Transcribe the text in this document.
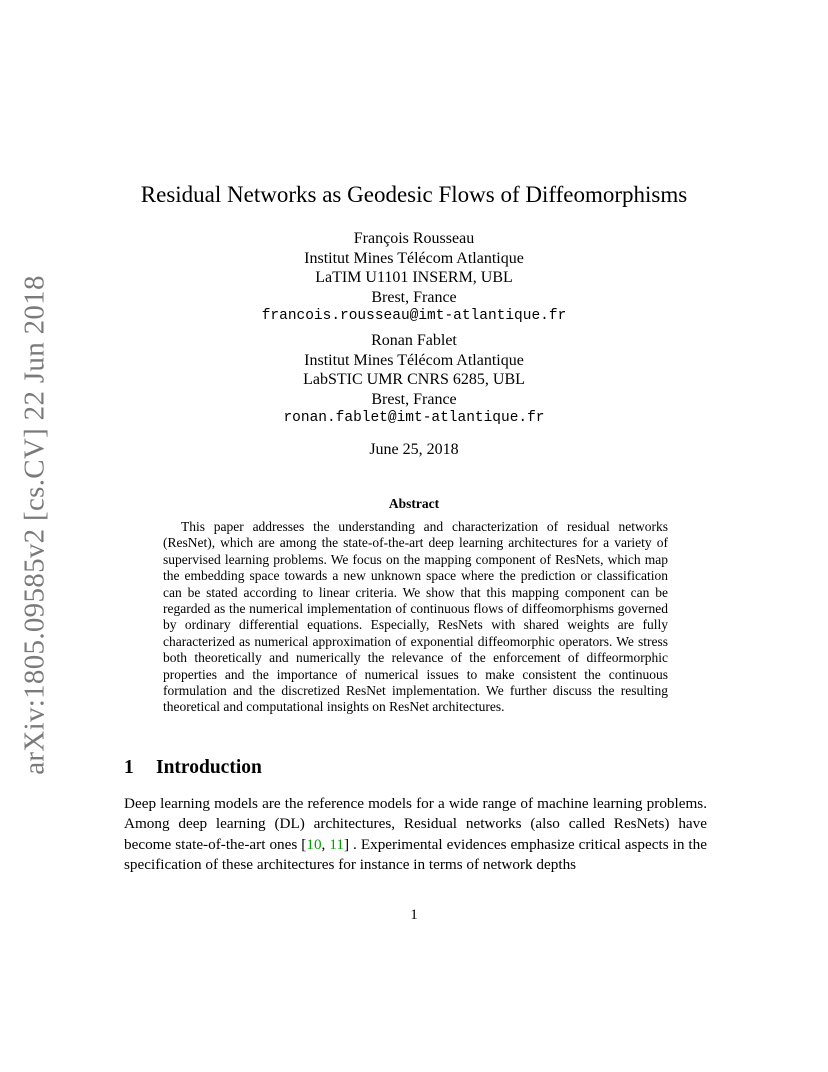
arXiv:1805.09585v2 [cs.CV] 22 Jun 2018
Residual Networks as Geodesic Flows of Diffeomorphisms
François Rousseau
Institut Mines Télécom Atlantique
LaTIM U1101 INSERM, UBL
Brest, France
francois.rousseau@imt-atlantique.fr
Ronan Fablet
Institut Mines Télécom Atlantique
LabSTIC UMR CNRS 6285, UBL
Brest, France
ronan.fablet@imt-atlantique.fr
June 25, 2018
Abstract

This paper addresses the understanding and characterization of residual networks (ResNet), which are among the state-of-the-art deep learning architectures for a variety of supervised learning problems. We focus on the mapping component of ResNets, which map the embedding space towards a new unknown space where the prediction or classification can be stated according to linear criteria. We show that this mapping component can be regarded as the numerical implementation of continuous flows of diffeomorphisms governed by ordinary differential equations. Especially, ResNets with shared weights are fully characterized as numerical approximation of exponential diffeomorphic operators. We stress both theoretically and numerically the relevance of the enforcement of diffeormorphic properties and the importance of numerical issues to make consistent the continuous formulation and the discretized ResNet implementation. We further discuss the resulting theoretical and computational insights on ResNet architectures.

1 Introduction

Deep learning models are the reference models for a wide range of machine learning problems. Among deep learning (DL) architectures, Residual networks (also called ResNets) have become state-of-the-art ones [10, 11] . Experimental evidences emphasize critical aspects in the specification of these architectures for instance in terms of network depths

1
